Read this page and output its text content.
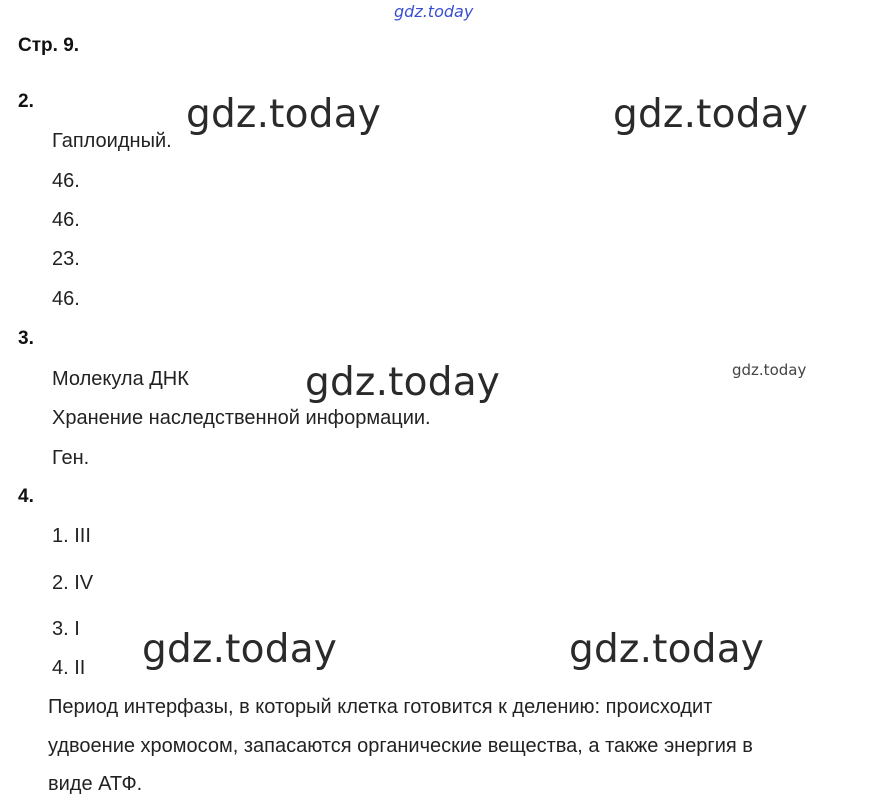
gdz.today
gdz.today	gdz.today
gdz.today	gdz.today
gdz.today	gdz.today
Стр. 9.
2.
Гаплоидный.
46.
46.
23.
46.
3.
Молекула ДНК
Хранение наследственной информации.
Ген.
4.
1. III
2. IV
3. I
4. II
Период интерфазы, в который клетка готовится к делению: происходит
удвоение хромосом, запасаются органические вещества, а также энергия в
виде АТФ.
